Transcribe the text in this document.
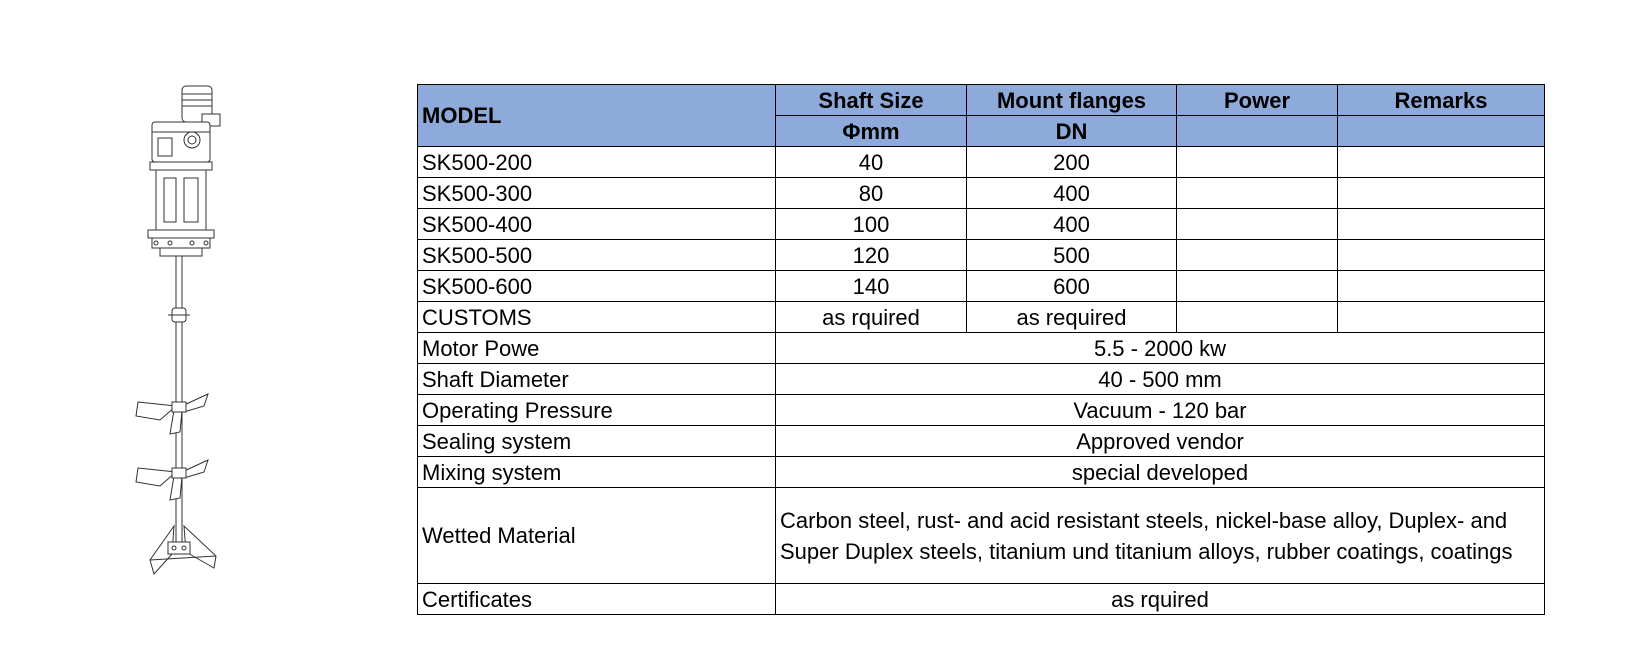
MODEL	Shaft Size	Mount flanges	Power	Remarks
	Φmm	DN		
SK500-200	40	200		
SK500-300	80	400		
SK500-400	100	400		
SK500-500	120	500		
SK500-600	140	600		
CUSTOMS	as rquired	as required		
Motor Powe	5.5 - 2000 kw			
Shaft Diameter	40 - 500 mm			
Operating Pressure	Vacuum - 120 bar			
Sealing system	Approved vendor			
Mixing system	special developed			
Wetted Material	Carbon steel, rust- and acid resistant steels, nickel-base alloy, Duplex- and Super Duplex steels, titanium und titanium alloys, rubber coatings, coatings			
Certificates	as rquired			
